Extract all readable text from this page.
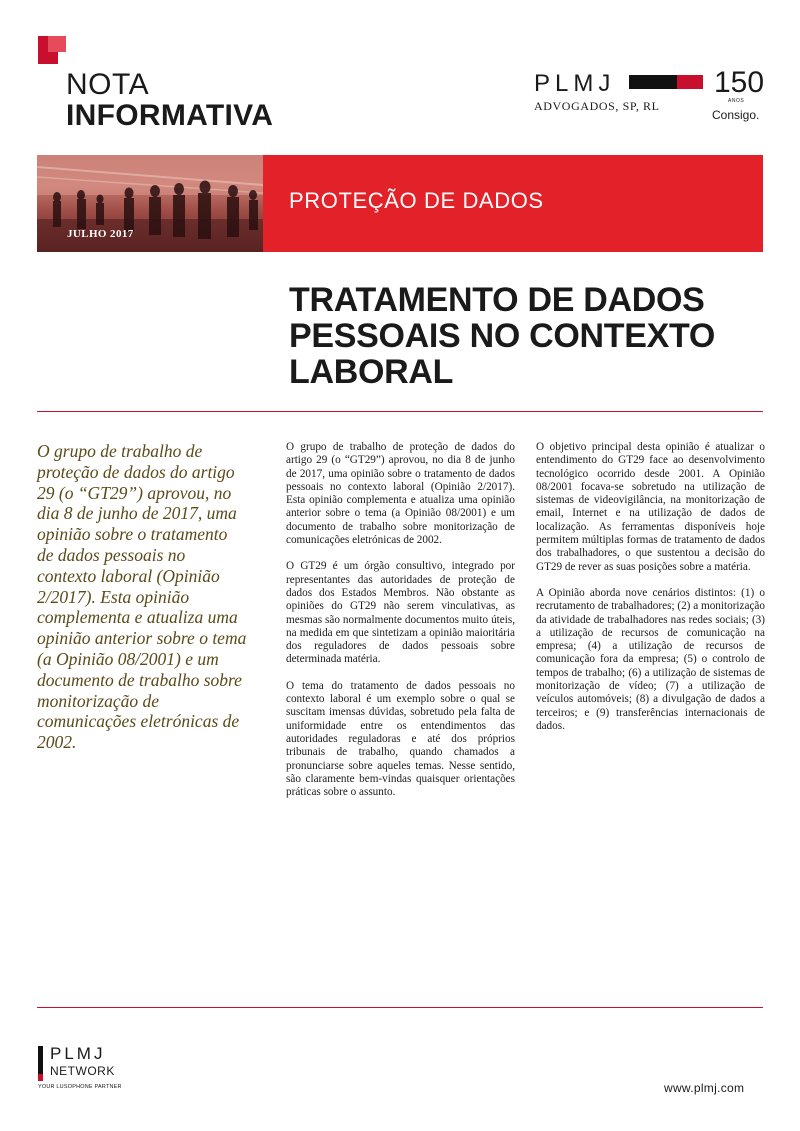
NOTA
INFORMATIVA
PLMJ
ADVOGADOS, SP, RL
150
ANOS
Consigo.
JULHO 2017
PROTEÇÃO DE DADOS
TRATAMENTO DE DADOS PESSOAIS NO CONTEXTO LABORAL
O grupo de trabalho de proteção de dados do artigo 29 (o “GT29”) aprovou, no dia 8 de junho de 2017, uma opinião sobre o tratamento de dados pessoais no contexto laboral (Opinião 2/2017). Esta opinião complementa e atualiza uma opinião anterior sobre o tema (a Opinião 08/2001) e um documento de trabalho sobre monitorização de comunicações eletrónicas de 2002.

O grupo de trabalho de proteção de dados do artigo 29 (o “GT29”) aprovou, no dia 8 de junho de 2017, uma opinião sobre o tratamento de dados pessoais no contexto laboral (Opinião 2/2017). Esta opinião complementa e atualiza uma opinião anterior sobre o tema (a Opinião 08/2001) e um documento de trabalho sobre monitorização de comunicações eletrónicas de 2002.

O GT29 é um órgão consultivo, integrado por representantes das autoridades de proteção de dados dos Estados Membros. Não obstante as opiniões do GT29 não serem vinculativas, as mesmas são normalmente documentos muito úteis, na medida em que sintetizam a opinião maioritária dos reguladores de dados pessoais sobre determinada matéria.

O tema do tratamento de dados pessoais no contexto laboral é um exemplo sobre o qual se suscitam imensas dúvidas, sobretudo pela falta de uniformidade entre os entendimentos das autoridades reguladoras e até dos próprios tribunais de trabalho, quando chamados a pronunciarse sobre aqueles temas. Nesse sentido, são claramente bem-vindas quaisquer orientações práticas sobre o assunto.

O objetivo principal desta opinião é atualizar o entendimento do GT29 face ao desenvolvimento tecnológico ocorrido desde 2001. A Opinião 08/2001 focava-se sobretudo na utilização de sistemas de videovigilância, na monitorização de email, Internet e na utilização de dados de localização. As ferramentas disponíveis hoje permitem múltiplas formas de tratamento de dados dos trabalhadores, o que sustentou a decisão do GT29 de rever as suas posições sobre a matéria.

A Opinião aborda nove cenários distintos: (1) o recrutamento de trabalhadores; (2) a monitorização da atividade de trabalhadores nas redes sociais; (3) a utilização de recursos de comunicação na empresa; (4) a utilização de recursos de comunicação fora da empresa; (5) o controlo de tempos de trabalho; (6) a utilização de sistemas de monitorização de vídeo; (7) a utilização de veículos automóveis; (8) a divulgação de dados a terceiros; e (9) transferências internacionais de dados.

PLMJ
NETWORK
YOUR LUSOPHONE PARTNER	www.plmj.com
